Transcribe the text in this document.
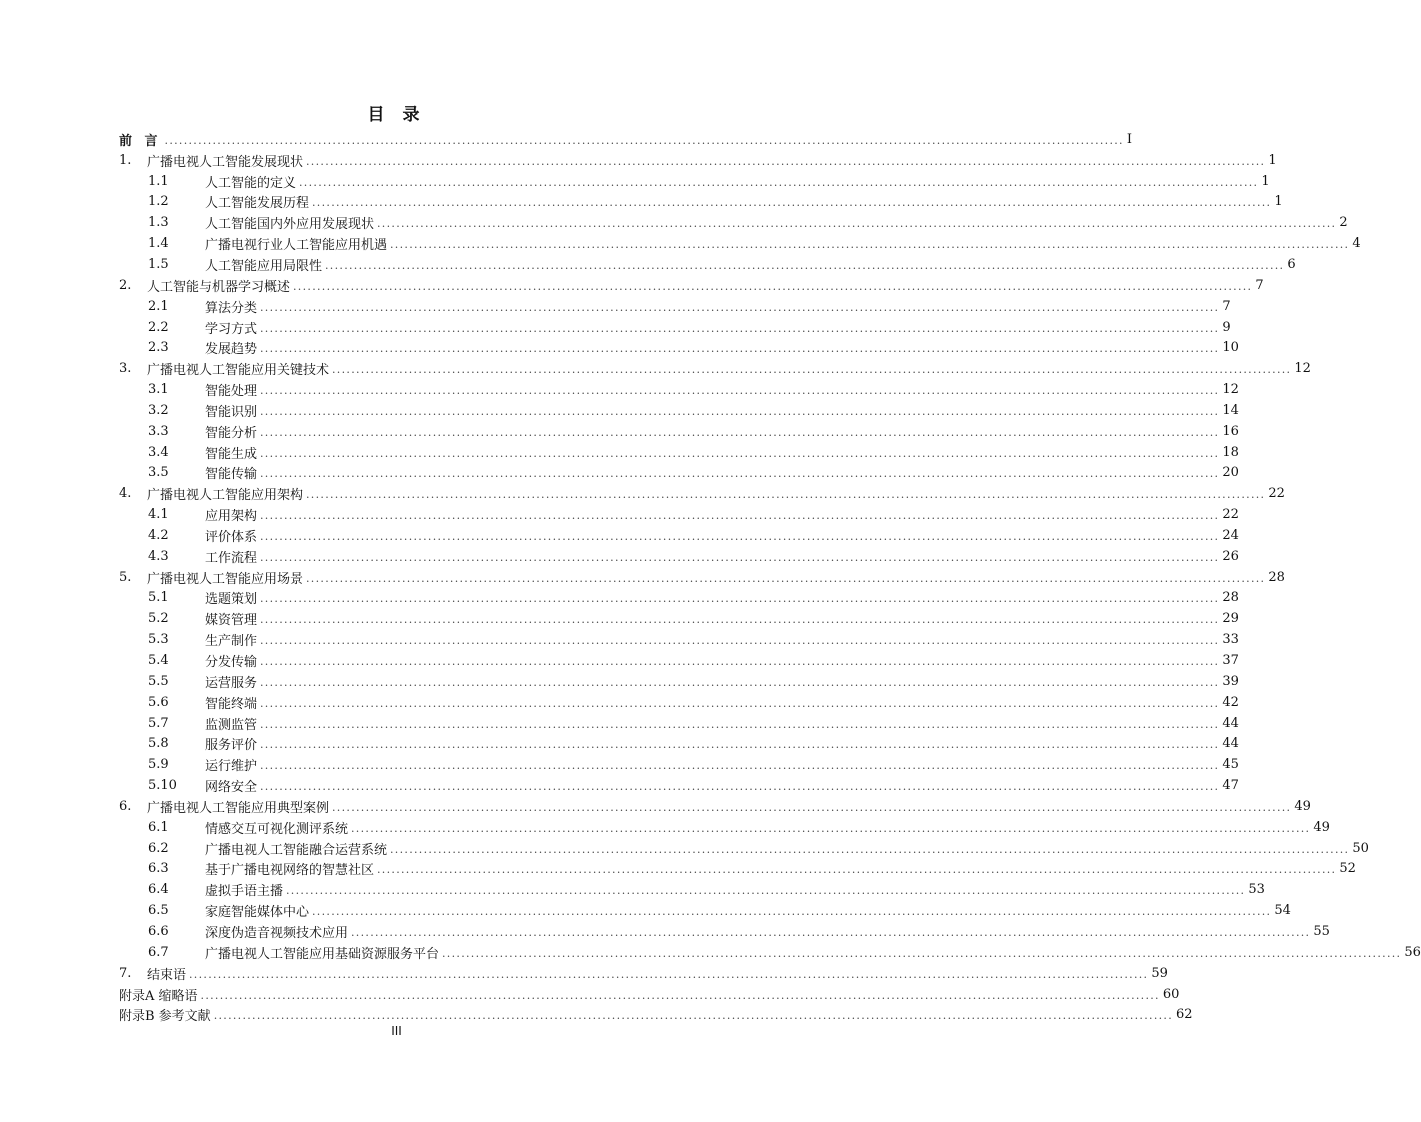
目 录
前 言 ........................................................................................................................................................................................................ I
1.	广播电视人工智能发展现状 ........................................................................................................................................................................................................ 1
1.1	人工智能的定义 ........................................................................................................................................................................................................ 1
1.2	人工智能发展历程 ........................................................................................................................................................................................................ 1
1.3	人工智能国内外应用发展现状 ........................................................................................................................................................................................................ 2
1.4	广播电视行业人工智能应用机遇 ........................................................................................................................................................................................................ 4
1.5	人工智能应用局限性 ........................................................................................................................................................................................................ 6
2.	人工智能与机器学习概述 ........................................................................................................................................................................................................ 7
2.1	算法分类 ........................................................................................................................................................................................................ 7
2.2	学习方式 ........................................................................................................................................................................................................ 9
2.3	发展趋势 ........................................................................................................................................................................................................ 10
3.	广播电视人工智能应用关键技术 ........................................................................................................................................................................................................ 12
3.1	智能处理 ........................................................................................................................................................................................................ 12
3.2	智能识别 ........................................................................................................................................................................................................ 14
3.3	智能分析 ........................................................................................................................................................................................................ 16
3.4	智能生成 ........................................................................................................................................................................................................ 18
3.5	智能传输 ........................................................................................................................................................................................................ 20
4.	广播电视人工智能应用架构 ........................................................................................................................................................................................................ 22
4.1	应用架构 ........................................................................................................................................................................................................ 22
4.2	评价体系 ........................................................................................................................................................................................................ 24
4.3	工作流程 ........................................................................................................................................................................................................ 26
5.	广播电视人工智能应用场景 ........................................................................................................................................................................................................ 28
5.1	选题策划 ........................................................................................................................................................................................................ 28
5.2	媒资管理 ........................................................................................................................................................................................................ 29
5.3	生产制作 ........................................................................................................................................................................................................ 33
5.4	分发传输 ........................................................................................................................................................................................................ 37
5.5	运营服务 ........................................................................................................................................................................................................ 39
5.6	智能终端 ........................................................................................................................................................................................................ 42
5.7	监测监管 ........................................................................................................................................................................................................ 44
5.8	服务评价 ........................................................................................................................................................................................................ 44
5.9	运行维护 ........................................................................................................................................................................................................ 45
5.10	网络安全 ........................................................................................................................................................................................................ 47
6.	广播电视人工智能应用典型案例 ........................................................................................................................................................................................................ 49
6.1	情感交互可视化测评系统 ........................................................................................................................................................................................................ 49
6.2	广播电视人工智能融合运营系统 ........................................................................................................................................................................................................ 50
6.3	基于广播电视网络的智慧社区 ........................................................................................................................................................................................................ 52
6.4	虚拟手语主播 ........................................................................................................................................................................................................ 53
6.5	家庭智能媒体中心 ........................................................................................................................................................................................................ 54
6.6	深度伪造音视频技术应用 ........................................................................................................................................................................................................ 55
6.7	广播电视人工智能应用基础资源服务平台 ........................................................................................................................................................................................................ 56
7.	结束语 ........................................................................................................................................................................................................ 59
附录A 缩略语 ........................................................................................................................................................................................................ 60
附录B 参考文献 ........................................................................................................................................................................................................ 62
III
